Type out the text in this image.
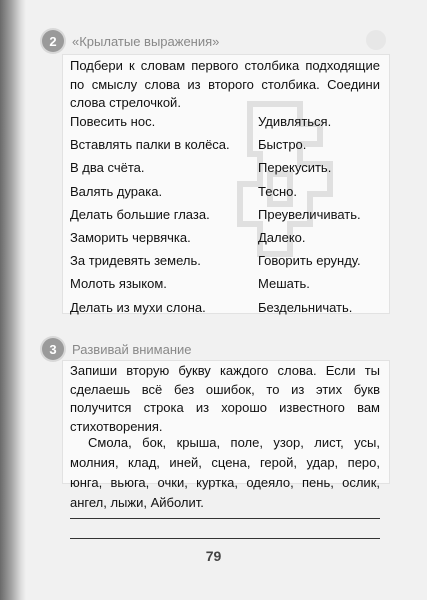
2	«Крылатые выражения»
Подбери к словам первого столбика подходящие по смыслу слова из второго столбика. Соедини слова стрелочкой.
Повесить нос.	Удивляться.
Вставлять палки в колёса. Быстро.
В два счёта.	Перекусить.
Валять дурака.	Тесно.
Делать большие глаза.	Преувеличивать.
Заморить червячка.	Далеко.
За тридевять земель.	Говорить ерунду.
Молоть языком.	Мешать.
Делать из мухи слона.	Бездельничать.
3	Развивай внимание
Запиши вторую букву каждого слова. Если ты сделаешь всё без ошибок, то из этих букв получится строка из хорошо известного вам стихотворения.
Смола, бок, крыша, поле, узор, лист, усы, молния, клад, иней, сцена, герой, удар, перо, юнга, вьюга, очки, куртка, одеяло, пень, ослик, ангел, лыжи, Айболит.
79
